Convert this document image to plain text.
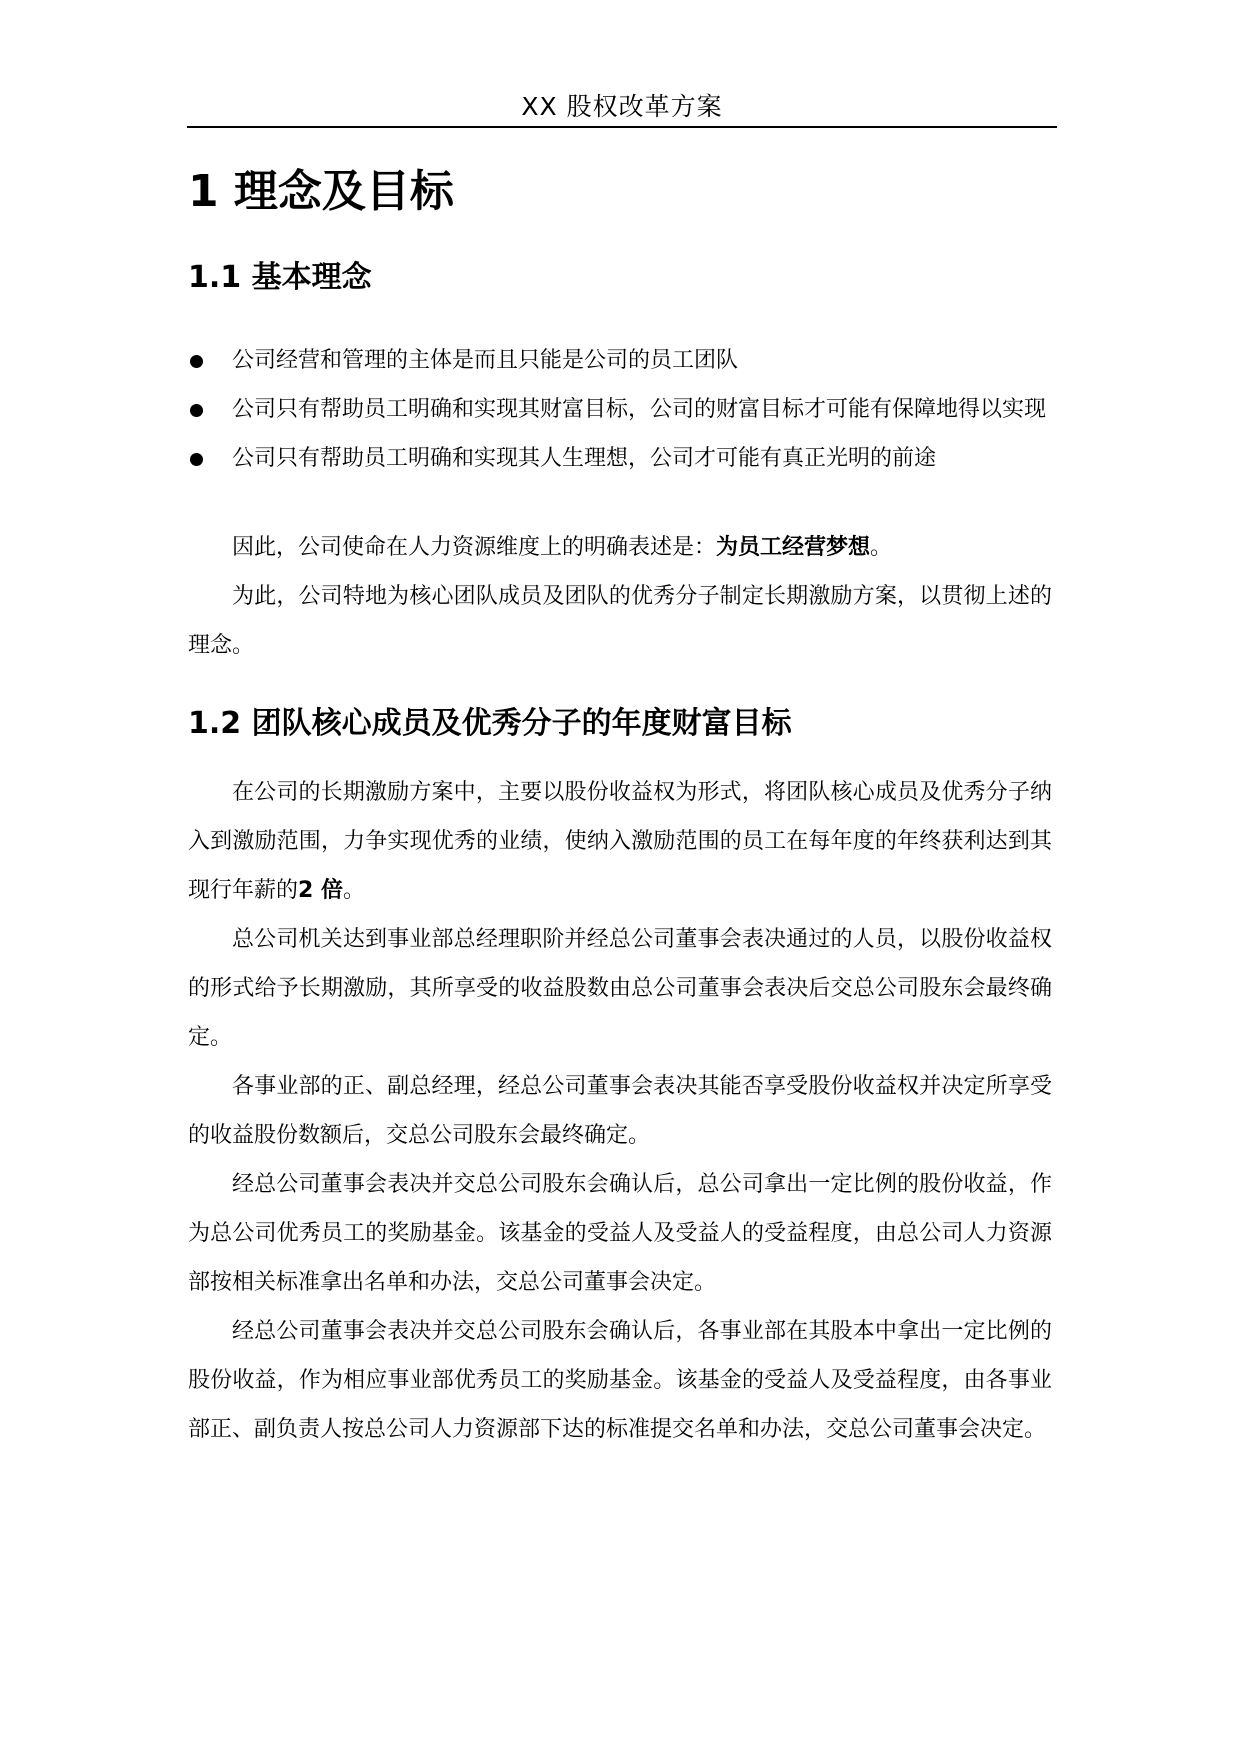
XX 股权改革方案
1 理念及目标
1.1 基本理念
公司经营和管理的主体是而且只能是公司的员工团队
公司只有帮助员工明确和实现其财富目标，公司的财富目标才可能有保障地得以实现
公司只有帮助员工明确和实现其人生理想，公司才可能有真正光明的前途

因此，公司使命在人力资源维度上的明确表述是：为员工经营梦想。

为此，公司特地为核心团队成员及团队的优秀分子制定长期激励方案，以贯彻上述的理念。

1.2 团队核心成员及优秀分子的年度财富目标

在公司的长期激励方案中，主要以股份收益权为形式，将团队核心成员及优秀分子纳入到激励范围，力争实现优秀的业绩，使纳入激励范围的员工在每年度的年终获利达到其现行年薪的2 倍。

总公司机关达到事业部总经理职阶并经总公司董事会表决通过的人员，以股份收益权的形式给予长期激励，其所享受的收益股数由总公司董事会表决后交总公司股东会最终确定。

各事业部的正、副总经理，经总公司董事会表决其能否享受股份收益权并决定所享受的收益股份数额后，交总公司股东会最终确定。

经总公司董事会表决并交总公司股东会确认后，总公司拿出一定比例的股份收益，作为总公司优秀员工的奖励基金。该基金的受益人及受益人的受益程度，由总公司人力资源部按相关标准拿出名单和办法，交总公司董事会决定。

经总公司董事会表决并交总公司股东会确认后，各事业部在其股本中拿出一定比例的股份收益，作为相应事业部优秀员工的奖励基金。该基金的受益人及受益程度，由各事业部正、副负责人按总公司人力资源部下达的标准提交名单和办法，交总公司董事会决定。
